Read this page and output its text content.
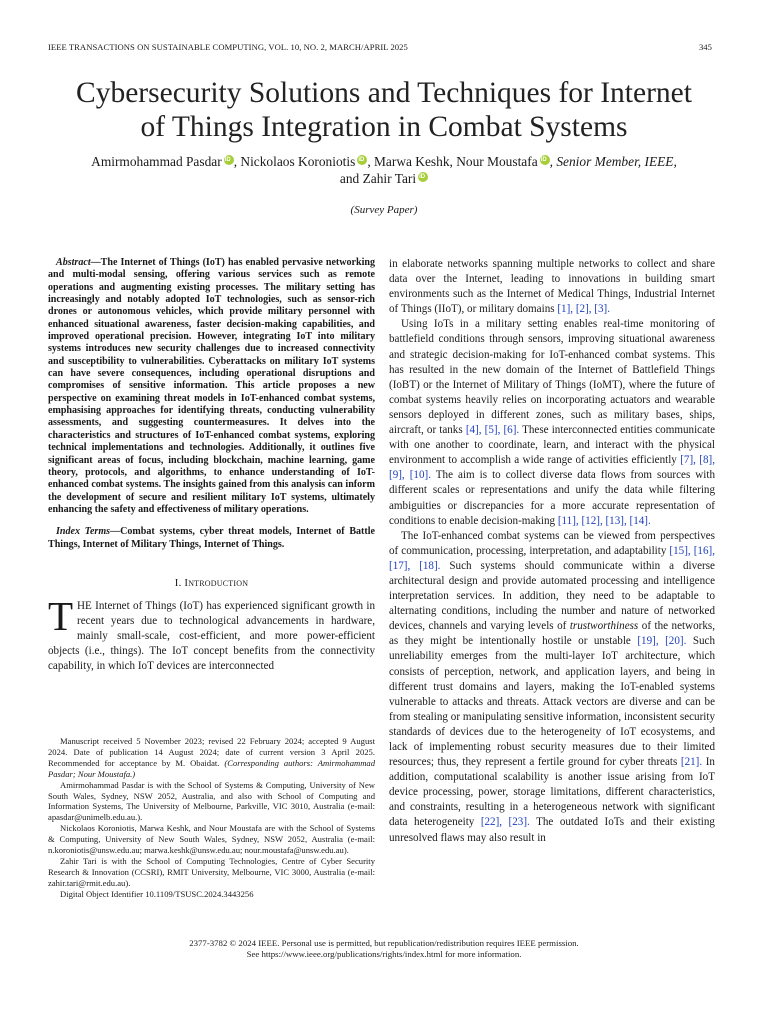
IEEE TRANSACTIONS ON SUSTAINABLE COMPUTING, VOL. 10, NO. 2, MARCH/APRIL 2025	345
Cybersecurity Solutions and Techniques for Internet
of Things Integration in Combat Systems
Amirmohammad Pasdar iD , Nickolaos Koroniotis iD , Marwa Keshk, Nour Moustafa iD , Senior Member, IEEE,
and Zahir TariiD
(Survey Paper)

Abstract—The Internet of Things (IoT) has enabled pervasive networking and multi-modal sensing, offering various services such as remote operations and augmenting existing processes. The military setting has increasingly and notably adopted IoT technologies, such as sensor-rich drones or autonomous vehicles, which provide military personnel with enhanced situational awareness, faster decision-making capabilities, and improved operational precision. However, integrating IoT into military systems introduces new security challenges due to increased connectivity and susceptibility to vulnerabilities. Cyberattacks on military IoT systems can have severe consequences, including operational disruptions and compromises of sensitive information. This article proposes a new perspective on examining threat models in IoT-enhanced combat systems, emphasising approaches for identifying threats, conducting vulnerability assessments, and suggesting countermeasures. It delves into the characteristics and structures of IoT-enhanced combat systems, exploring technical implementations and technologies. Additionally, it outlines five significant areas of focus, including blockchain, machine learning, game theory, protocols, and algorithms, to enhance understanding of IoT-enhanced combat systems. The insights gained from this analysis can inform the development of secure and resilient military IoT systems, ultimately enhancing the safety and effectiveness of military operations.

Index Terms—Combat systems, cyber threat models, Internet of Battle Things, Internet of Military Things, Internet of Things.

I. Introduction

THE Internet of Things (IoT) has experienced significant growth in recent years due to technological advancements in hardware, mainly small-scale, cost-efficient, and more power-efficient objects (i.e., things). The IoT concept benefits from the connectivity capability, in which IoT devices are interconnected

Manuscript received 5 November 2023; revised 22 February 2024; accepted 9 August 2024. Date of publication 14 August 2024; date of current version 3 April 2025. Recommended for acceptance by M. Obaidat. (Corresponding authors: Amirmohammad Pasdar; Nour Moustafa.)

Amirmohammad Pasdar is with the School of Systems & Computing, University of New South Wales, Sydney, NSW 2052, Australia, and also with School of Computing and Information Systems, The University of Melbourne, Parkville, VIC 3010, Australia (e-mail: apasdar@unimelb.edu.au.).

Nickolaos Koroniotis, Marwa Keshk, and Nour Moustafa are with the School of Systems & Computing, University of New South Wales, Sydney, NSW 2052, Australia (e-mail: n.koroniotis@unsw.edu.au; marwa.keshk@unsw.edu.au; nour.moustafa@unsw.edu.au).

Zahir Tari is with the School of Computing Technologies, Centre of Cyber Security Research & Innovation (CCSRI), RMIT University, Melbourne, VIC 3000, Australia (e-mail: zahir.tari@rmit.edu.au).

Digital Object Identifier 10.1109/TSUSC.2024.3443256

in elaborate networks spanning multiple networks to collect and share data over the Internet, leading to innovations in building smart environments such as the Internet of Medical Things, Industrial Internet of Things (IIoT), or military domains [1], [2], [3].

Using IoTs in a military setting enables real-time monitoring of battlefield conditions through sensors, improving situational awareness and strategic decision-making for IoT-enhanced combat systems. This has resulted in the new domain of the Internet of Battlefield Things (IoBT) or the Internet of Military of Things (IoMT), where the future of combat systems heavily relies on incorporating actuators and wearable sensors deployed in different zones, such as military bases, ships, aircraft, or tanks [4], [5], [6]. These interconnected entities communicate with one another to coordinate, learn, and interact with the physical environment to accomplish a wide range of activities efficiently [7], [8], [9], [10]. The aim is to collect diverse data flows from sources with different scales or representations and unify the data while filtering ambiguities or discrepancies for a more accurate representation of conditions to enable decision-making [11], [12], [13], [14].

The IoT-enhanced combat systems can be viewed from perspectives of communication, processing, interpretation, and adaptability [15], [16], [17], [18]. Such systems should communicate within a diverse architectural design and provide automated processing and intelligence interpretation services. In addition, they need to be adaptable to alternating conditions, including the number and nature of networked devices, channels and varying levels of trustworthiness of the networks, as they might be intentionally hostile or unstable [19], [20]. Such unreliability emerges from the multi-layer IoT architecture, which consists of perception, network, and application layers, and being in different trust domains and layers, making the IoT-enabled systems vulnerable to attacks and threats. Attack vectors are diverse and can be from stealing or manipulating sensitive information, inconsistent security standards of devices due to the heterogeneity of IoT ecosystems, and lack of implementing robust security measures due to their limited resources; thus, they represent a fertile ground for cyber threats [21]. In addition, computational scalability is another issue arising from IoT device processing, power, storage limitations, different characteristics, and constraints, resulting in a heterogeneous network with significant data heterogeneity [22], [23]. The outdated IoTs and their existing unresolved flaws may also result in

2377-3782 © 2024 IEEE. Personal use is permitted, but republication/redistribution requires IEEE permission.
See https://www.ieee.org/publications/rights/index.html for more information.
